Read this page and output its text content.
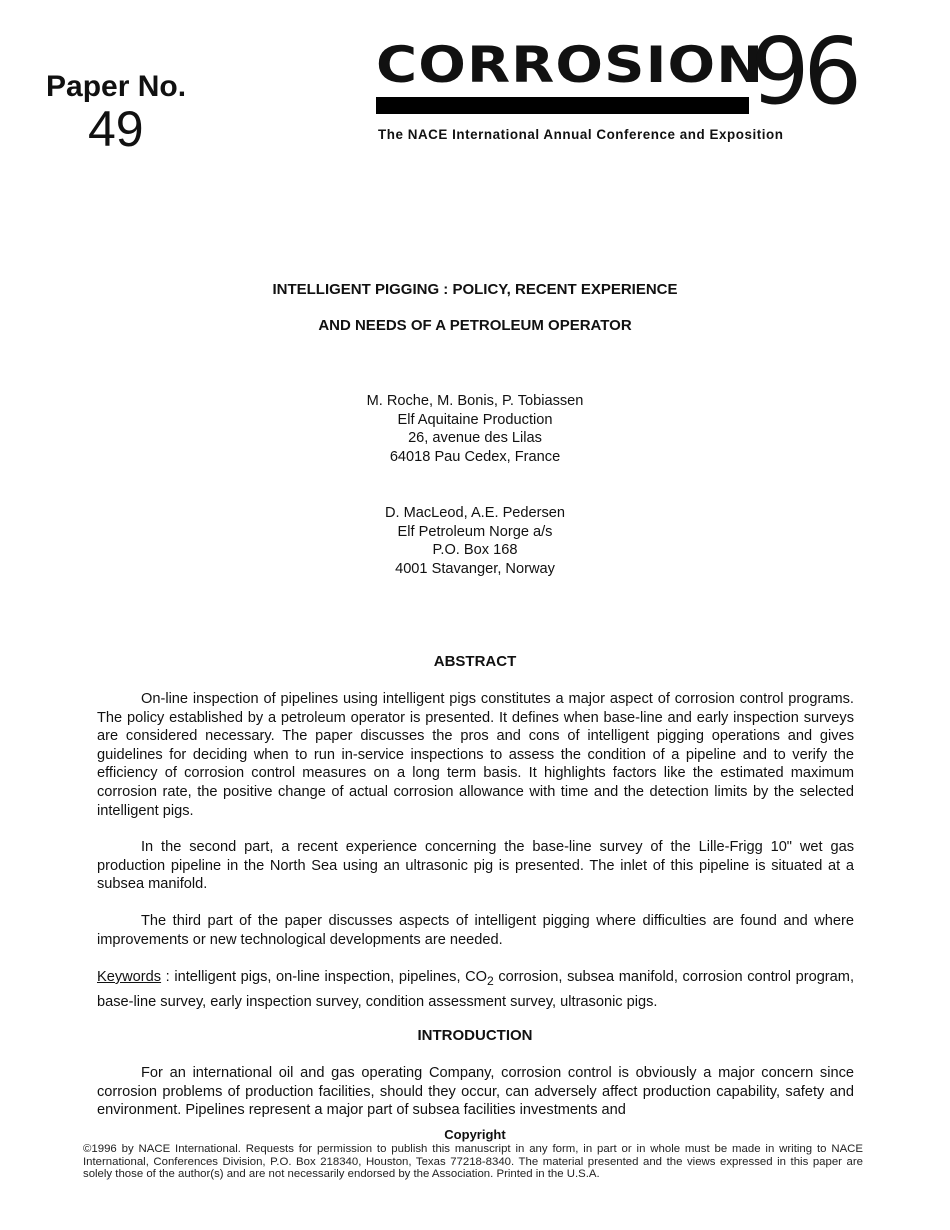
Paper No.
49
CORROSION
96
The NACE International Annual Conference and Exposition
INTELLIGENT PIGGING : POLICY, RECENT EXPERIENCE
AND NEEDS OF A PETROLEUM OPERATOR
M. Roche, M. Bonis, P. Tobiassen
Elf Aquitaine Production
26, avenue des Lilas
64018 Pau Cedex, France
D. MacLeod, A.E. Pedersen
Elf Petroleum Norge a/s
P.O. Box 168
4001 Stavanger, Norway
ABSTRACT
On-line inspection of pipelines using intelligent pigs constitutes a major aspect of corrosion control programs. The policy established by a petroleum operator is presented. It defines when base-line and early inspection surveys are considered necessary. The paper discusses the pros and cons of intelligent pigging operations and gives guidelines for deciding when to run in-service inspections to assess the condition of a pipeline and to verify the efficiency of corrosion control measures on a long term basis. It highlights factors like the estimated maximum corrosion rate, the positive change of actual corrosion allowance with time and the detection limits by the selected intelligent pigs.
In the second part, a recent experience concerning the base-line survey of the Lille-Frigg 10" wet gas production pipeline in the North Sea using an ultrasonic pig is presented. The inlet of this pipeline is situated at a subsea manifold.
The third part of the paper discusses aspects of intelligent pigging where difficulties are found and where improvements or new technological developments are needed.
Keywords : intelligent pigs, on-line inspection, pipelines, $CO_2$ corrosion, subsea manifold, corrosion control program, base-line survey, early inspection survey, condition assessment survey, ultrasonic pigs.
INTRODUCTION
For an international oil and gas operating Company, corrosion control is obviously a major concern since corrosion problems of production facilities, should they occur, can adversely affect production capability, safety and environment. Pipelines represent a major part of subsea facilities investments and
Copyright
©1996 by NACE International. Requests for permission to publish this manuscript in any form, in part or in whole must be made in writing to NACE International, Conferences Division, P.O. Box 218340, Houston, Texas 77218-8340. The material presented and the views expressed in this paper are solely those of the author(s) and are not necessarily endorsed by the Association. Printed in the U.S.A.
